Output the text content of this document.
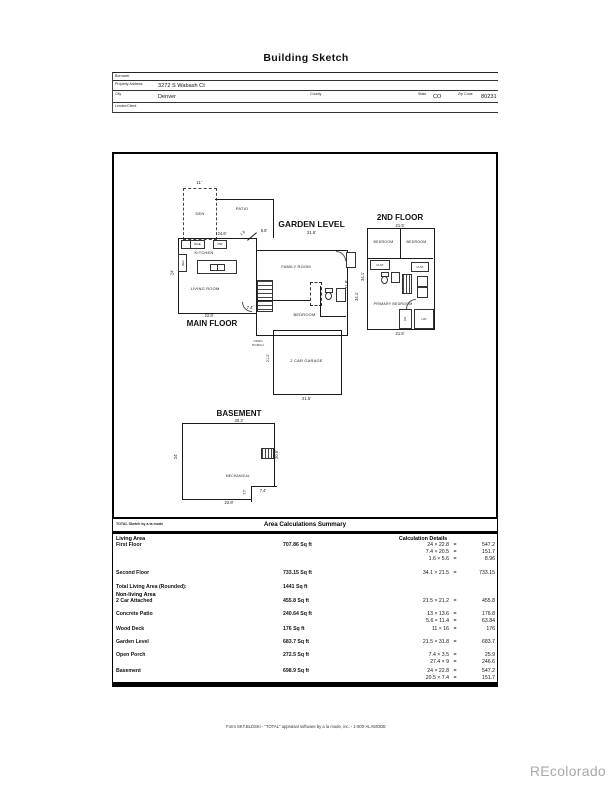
Building Sketch
Borrower
Property Address	3272 S Wabash Ct
City	Denver	County	State CO	Zip Code 80231
Lender/Client
11'
DEN
PATIO
24.6'
5.6'
1.8'
RGE	DW
REF
KITCHEN
LIVING ROOM
24'
7.4'
22.8'
MAIN FLOOR
GARDEN LEVEL
21.5'
FAMILY ROOM
BEDROOM
31.8'
34.1'
2 CAR GARAGE
21.2'
21.5'
OPEN
PORCH
2ND FLOOR
21.5'
BEDROOM	BEDROOM
CLST	CLST
PRIMARY BEDROOM
LIN	LAV
34.1'
21.5'
BASEMENT
30.2'
24'	20.5'
MECHANICAL
7.4'
3.5'
22.8'
TOTAL Sketch by a la mode	Area Calculations Summary
Living Area	Calculation Details
First Floor	707.86 Sq ft	24 × 22.8 =	547.2
7.4 × 20.5 =	151.7
1.6 × 5.6 =	8.96
Second Floor	733.15 Sq ft	34.1 × 21.5 =	733.15
Total Living Area (Rounded):	1441 Sq ft
Non-living Area
2 Car Attached	455.8 Sq ft	21.5 × 21.2 =	455.8
Concrete Patio	240.64 Sq ft	13 × 13.6 =	176.8
5.6 × 11.4 =	63.84
Wood Deck	176 Sq ft	11 × 16 =	176
Garden Level	683.7 Sq ft	21.5 × 31.8 =	683.7
Open Porch	272.5 Sq ft	7.4 × 3.5 =	25.9
27.4 × 9 =	246.6
Basement	698.9 Sq ft	24 × 22.8 =	547.2
20.5 × 7.4 =	151.7
Form SKT.BLDSKI - "TOTAL" appraisal software by a la mode, inc. - 1-800-ALAMODE
REcolorado
